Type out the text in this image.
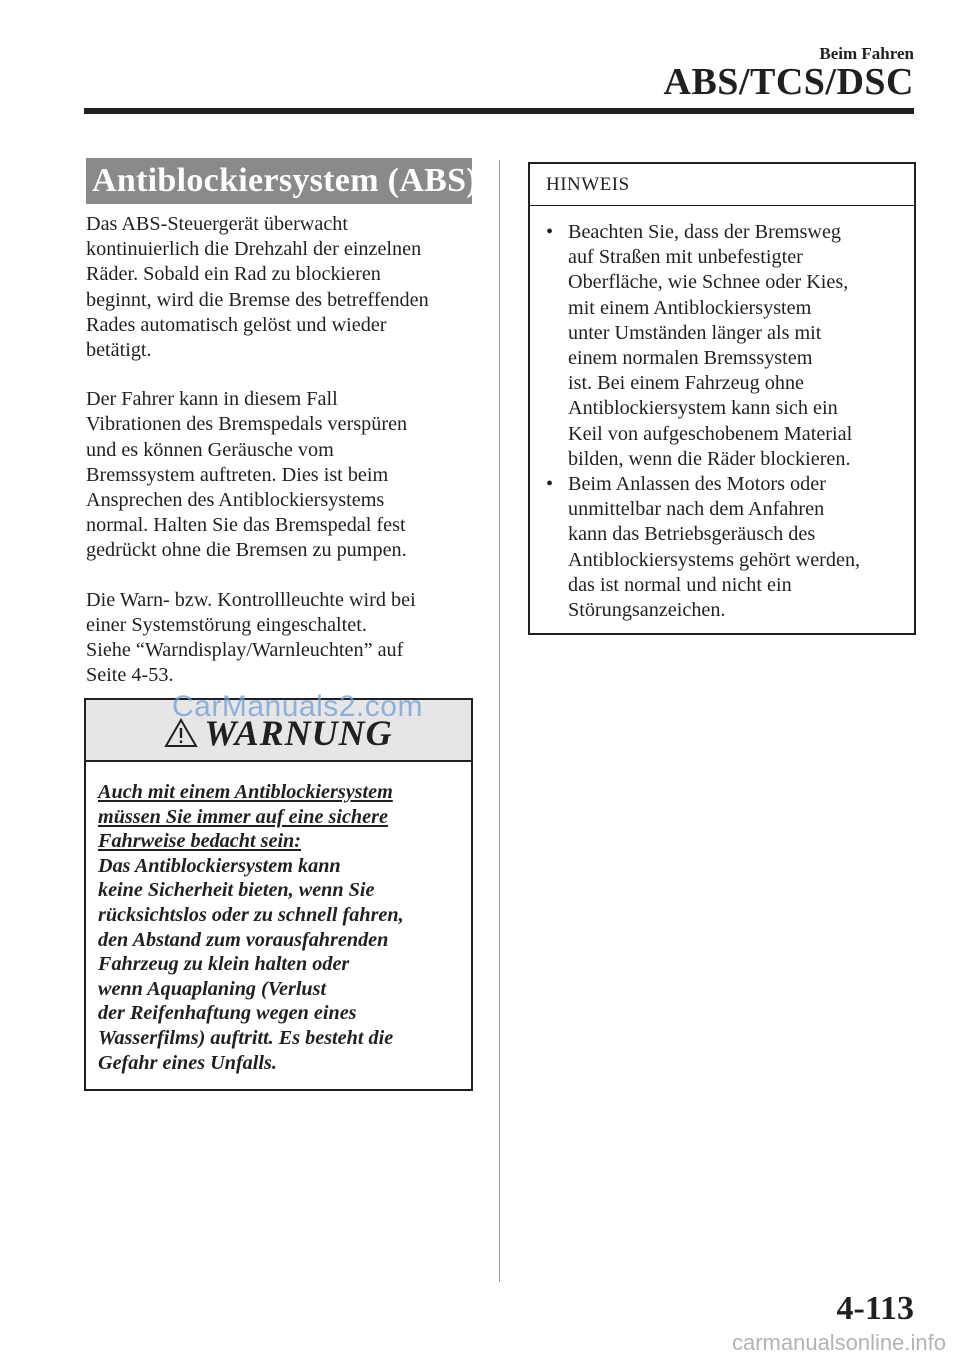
Beim Fahren
ABS/TCS/DSC
Antiblockiersystem (ABS)
Das ABS-Steuergerät überwacht
kontinuierlich die Drehzahl der einzelnen
Räder. Sobald ein Rad zu blockieren
beginnt, wird die Bremse des betreffenden
Rades automatisch gelöst und wieder
betätigt.
Der Fahrer kann in diesem Fall
Vibrationen des Bremspedals verspüren
und es können Geräusche vom
Bremssystem auftreten. Dies ist beim
Ansprechen des Antiblockiersystems
normal. Halten Sie das Bremspedal fest
gedrückt ohne die Bremsen zu pumpen.
Die Warn- bzw. Kontrollleuchte wird bei
einer Systemstörung eingeschaltet.
Siehe “Warndisplay/Warnleuchten” auf
Seite 4-53.
WARNUNG
Auch mit einem Antiblockiersystem
müssen Sie immer auf eine sichere
Fahrweise bedacht sein:
Das Antiblockiersystem kann
keine Sicherheit bieten, wenn Sie
rücksichtslos oder zu schnell fahren,
den Abstand zum vorausfahrenden
Fahrzeug zu klein halten oder
wenn Aquaplaning (Verlust
der Reifenhaftung wegen eines
Wasserfilms) auftritt. Es besteht die
Gefahr eines Unfalls.
CarManuals2.com
HINWEIS
• Beachten Sie, dass der Bremsweg
auf Straßen mit unbefestigter
Oberfläche, wie Schnee oder Kies,
mit einem Antiblockiersystem
unter Umständen länger als mit
einem normalen Bremssystem
ist. Bei einem Fahrzeug ohne
Antiblockiersystem kann sich ein
Keil von aufgeschobenem Material
bilden, wenn die Räder blockieren.
• Beim Anlassen des Motors oder
unmittelbar nach dem Anfahren
kann das Betriebsgeräusch des
Antiblockiersystems gehört werden,
das ist normal und nicht ein
Störungsanzeichen.
4-113
carmanualsonline.info
